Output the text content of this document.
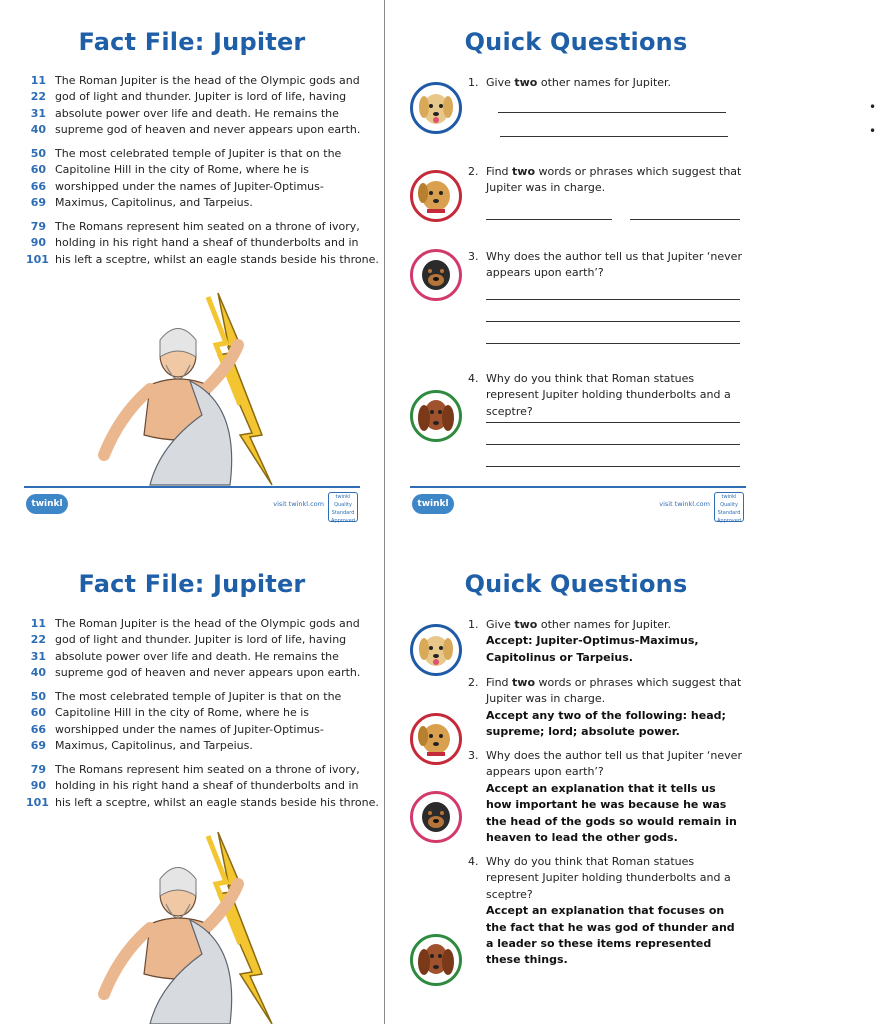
Fact File: Jupiter
11 The Roman Jupiter is the head of the Olympic gods and
22 god of light and thunder. Jupiter is lord of life, having
31 absolute power over life and death. He remains the
40 supreme god of heaven and never appears upon earth.
50 The most celebrated temple of Jupiter is that on the
60 Capitoline Hill in the city of Rome, where he is
66 worshipped under the names of Jupiter-Optimus-
69 Maximus, Capitolinus, and Tarpeius.
79 The Romans represent him seated on a throne of ivory,
90 holding in his right hand a sheaf of thunderbolts and in
101 his left a sceptre, whilst an eagle stands beside his throne.
twinkl	visit twinkl.com
twinkl Quality Standard Approved
Quick Questions
1. Give two other names for Jupiter.
•
•
2. Find two words or phrases which suggest that Jupiter was in charge.
3. Why does the author tell us that Jupiter ‘never appears upon earth’?
4. Why do you think that Roman statues represent Jupiter holding thunderbolts and a sceptre?
twinkl	visit twinkl.com
twinkl Quality Standard Approved
Fact File: Jupiter
11 The Roman Jupiter is the head of the Olympic gods and
22 god of light and thunder. Jupiter is lord of life, having
31 absolute power over life and death. He remains the
40 supreme god of heaven and never appears upon earth.
50 The most celebrated temple of Jupiter is that on the
60 Capitoline Hill in the city of Rome, where he is
66 worshipped under the names of Jupiter-Optimus-
69 Maximus, Capitolinus, and Tarpeius.
79 The Romans represent him seated on a throne of ivory,
90 holding in his right hand a sheaf of thunderbolts and in
101 his left a sceptre, whilst an eagle stands beside his throne.
Quick Questions
1. Give two other names for Jupiter.
Accept: Jupiter-Optimus-Maximus, Capitolinus or Tarpeius.
2. Find two words or phrases which suggest that Jupiter was in charge.
Accept any two of the following: head; supreme; lord; absolute power.
3. Why does the author tell us that Jupiter ‘never appears upon earth’?
Accept an explanation that it tells us how important he was because he was the head of the gods so would remain in heaven to lead the other gods.
4. Why do you think that Roman statues represent Jupiter holding thunderbolts and a sceptre?
Accept an explanation that focuses on the fact that he was god of thunder and a leader so these items represented these things.
